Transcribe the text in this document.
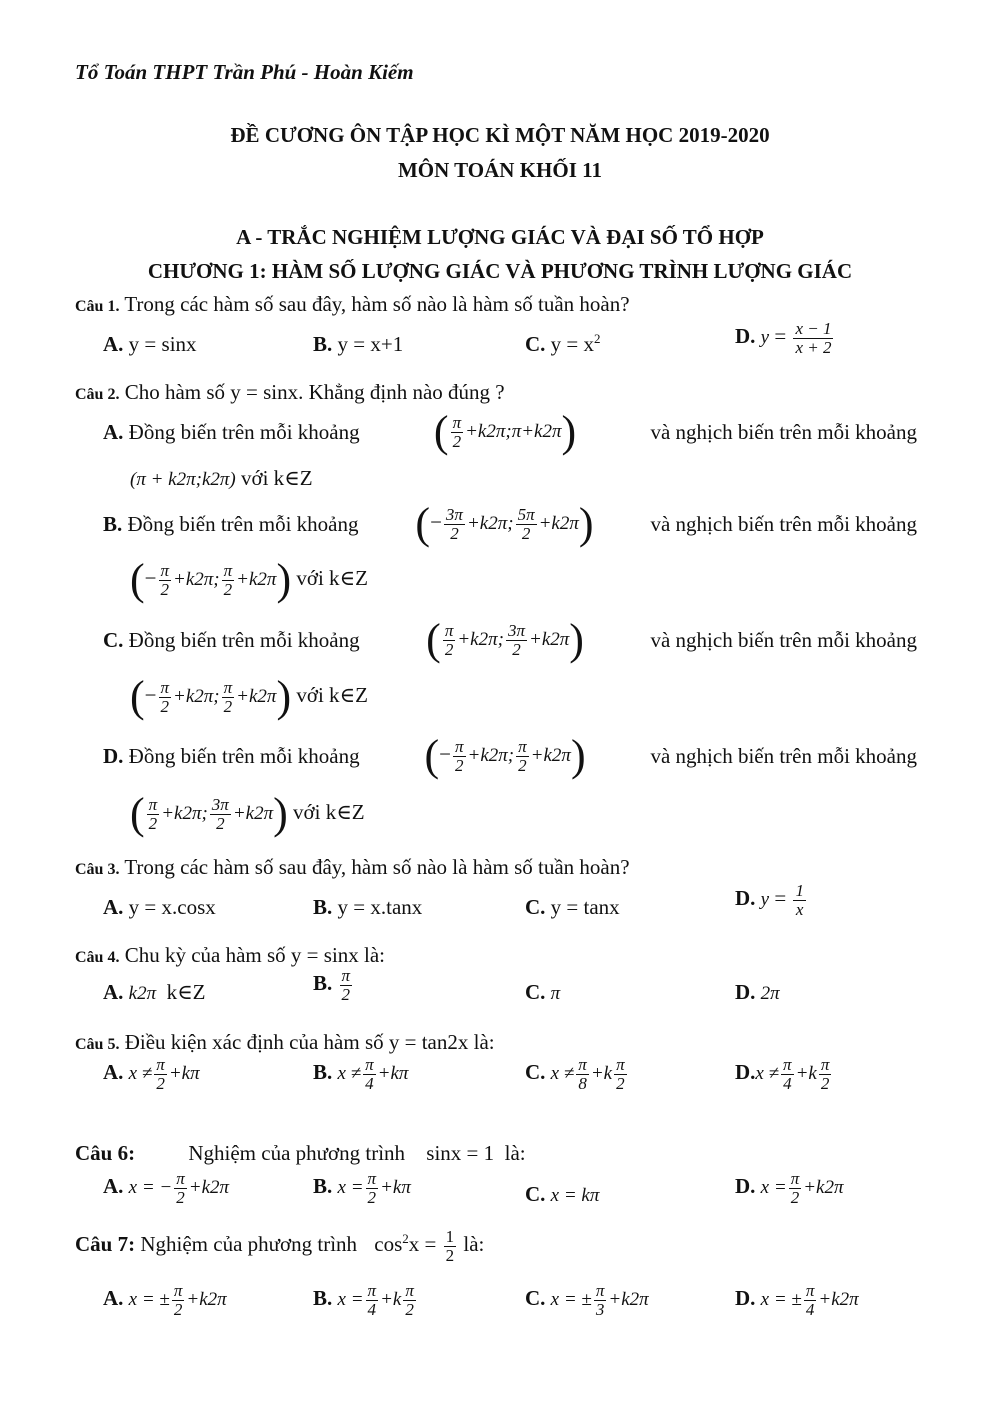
Tổ Toán THPT Trần Phú - Hoàn Kiếm
ĐỀ CƯƠNG ÔN TẬP HỌC KÌ MỘT NĂM HỌC 2019-2020
MÔN TOÁN KHỐI 11
A - TRẮC NGHIỆM LƯỢNG GIÁC VÀ ĐẠI SỐ TỔ HỢP
CHƯƠNG 1: HÀM SỐ LƯỢNG GIÁC VÀ PHƯƠNG TRÌNH LƯỢNG GIÁC
Câu 1. Trong các hàm số sau đây, hàm số nào là hàm số tuần hoàn?
A. y = sinx	B. y = x+1	C. $y = x^2$	D. $y = \frac{x - 1}{x + 2}$
Câu 2. Cho hàm số y = sinx. Khẳng định nào đúng ?
A. Đồng biến trên mỗi khoảng ( $\frac{\pi}{2}$ +k2π;π+k2π)	và nghịch biến trên mỗi khoảng
(π + k2π;k2π) với k∈Z
B. Đồng biến trên mỗi khoảng (− $\frac{3\pi}{2} +k2\pi$; $\frac{5\pi}{2} +k2\pi$)	và nghịch biến trên mỗi khoảng
(− $\frac{\pi}{2} +k2\pi$; $\frac{\pi}{2} +k2\pi$) với k∈Z
C. Đồng biến trên mỗi khoảng ( $\frac{\pi}{2} +k2\pi$; $\frac{3\pi}{2} +k2\pi$)	và nghịch biến trên mỗi khoảng
(− $\frac{\pi}{2} +k2\pi$; $\frac{\pi}{2} +k2\pi$) với k∈Z
D. Đồng biến trên mỗi khoảng (− $\frac{\pi}{2} +k2\pi$; $\frac{\pi}{2} +k2\pi$)	và nghịch biến trên mỗi khoảng
( $\frac{\pi}{2} +k2\pi$; $\frac{3\pi}{2} +k2\pi$) với k∈Z
Câu 3. Trong các hàm số sau đây, hàm số nào là hàm số tuần hoàn?
A. y = x.cosx	B. y = x.tanx	C. y = tanx	D. $y = \frac{1}{x}$
Câu 4. Chu kỳ của hàm số y = sinx là:
A. k2π k∈Z	B. $\frac{\pi}{2}$	C. π	D. 2π
Câu 5. Điều kiện xác định của hàm số y = tan2x là:
A. $x \ne \frac{\pi}{2} +k\pi$	B. $x \ne \frac{\pi}{4} +k\pi$	C. $x \ne \frac{\pi}{8} +k \frac{\pi}{2}$	$D.x \ne \frac{\pi}{4} +k \frac{\pi}{2}$
Câu 6:	Nghiệm của phương trình sinx = 1 là:
A. x = − $\frac{\pi}{2} +k2\pi$	B. $x = \frac{\pi}{2} +k\pi$	C. x = kπ	D. $x = \frac{\pi}{2} +k2\pi$
Câu 7: Nghiệm của phương trình $\cos^2x = \frac{1}{2}$ là:
A. x = ± $\frac{\pi}{2} +k2\pi$	B. $x = \frac{\pi}{4} +k \frac{\pi}{2}$	C. x = ± $\frac{\pi}{3} +k2\pi$	D. x = ± $\frac{\pi}{4} +k2\pi$
